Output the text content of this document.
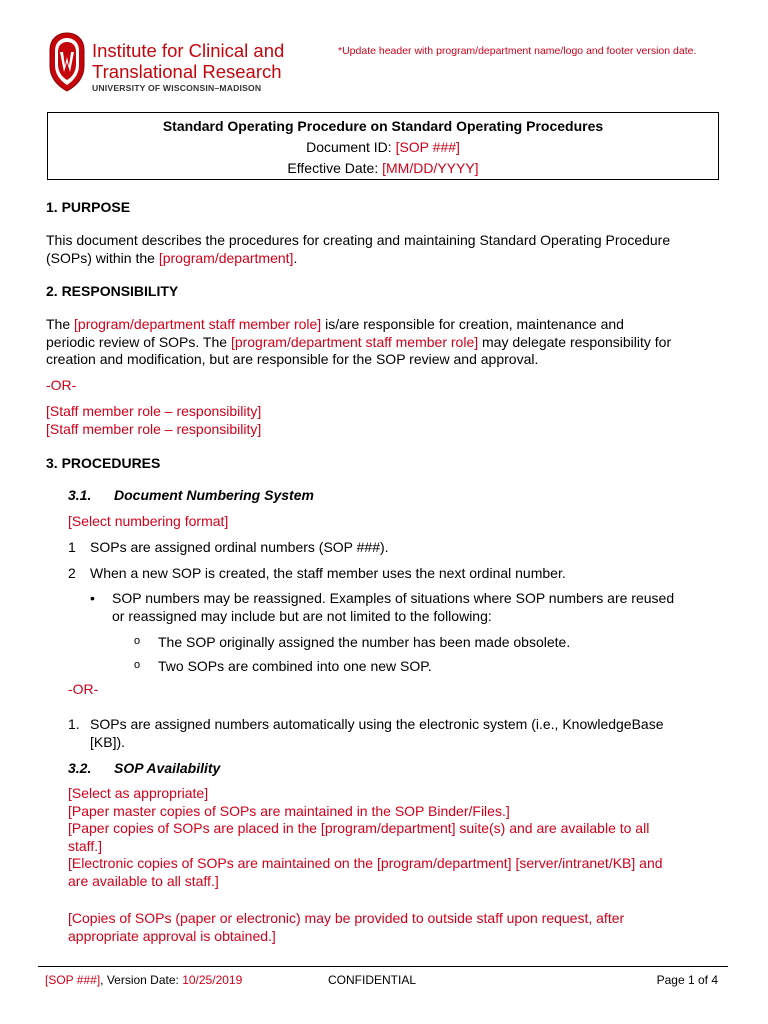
Institute for Clinical and
Translational Research
UNIVERSITY OF WISCONSIN–MADISON
*Update header with program/department name/logo and footer version date.
Standard Operating Procedure on Standard Operating Procedures
Document ID: [SOP ###]
Effective Date: [MM/DD/YYYY]
1. PURPOSE
This document describes the procedures for creating and maintaining Standard Operating Procedure
(SOPs) within the [program/department].
2. RESPONSIBILITY
The [program/department staff member role] is/are responsible for creation, maintenance and
periodic review of SOPs. The [program/department staff member role] may delegate responsibility for
creation and modification, but are responsible for the SOP review and approval.
-OR-
[Staff member role – responsibility]
[Staff member role – responsibility]
3. PROCEDURES
3.1. Document Numbering System
[Select numbering format]
1 SOPs are assigned ordinal numbers (SOP ###).
2 When a new SOP is created, the staff member uses the next ordinal number.
• SOP numbers may be reassigned. Examples of situations where SOP numbers are reused
or reassigned may include but are not limited to the following:
o The SOP originally assigned the number has been made obsolete.
o Two SOPs are combined into one new SOP.
-OR-
1. SOPs are assigned numbers automatically using the electronic system (i.e., KnowledgeBase
[KB]).
3.2. SOP Availability
[Select as appropriate]
[Paper master copies of SOPs are maintained in the SOP Binder/Files.]
[Paper copies of SOPs are placed in the [program/department] suite(s) and are available to all
staff.]
[Electronic copies of SOPs are maintained on the [program/department] [server/intranet/KB] and
are available to all staff.]
[Copies of SOPs (paper or electronic) may be provided to outside staff upon request, after
appropriate approval is obtained.]
[SOP ###], Version Date: 10/25/2019	CONFIDENTIAL	Page 1 of 4
